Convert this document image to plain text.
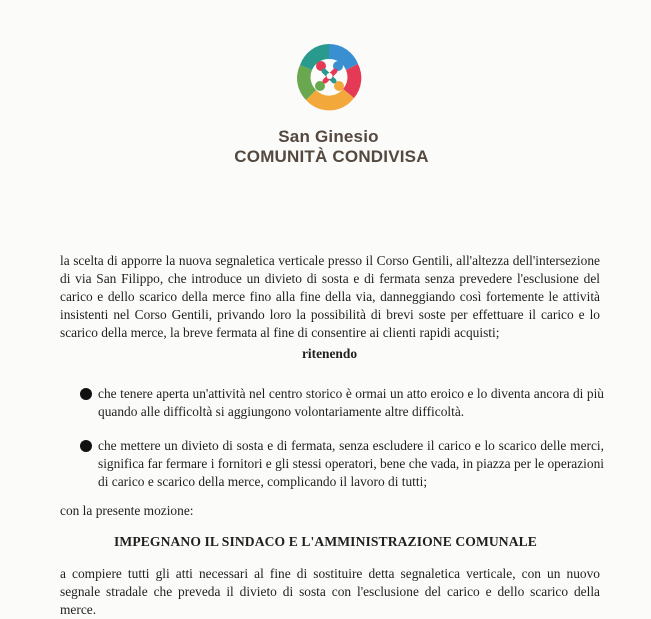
San Ginesio
COMUNITÀ CONDIVISA
la scelta di apporre la nuova segnaletica verticale presso il Corso Gentili, all'altezza dell'intersezione di via San Filippo, che introduce un divieto di sosta e di fermata senza prevedere l'esclusione del carico e dello scarico della merce fino alla fine della via, danneggiando così fortemente le attività insistenti nel Corso Gentili, privando loro la possibilità di brevi soste per effettuare il carico e lo scarico della merce, la breve fermata al fine di consentire ai clienti rapidi acquisti;
ritenendo
che tenere aperta un'attività nel centro storico è ormai un atto eroico e lo diventa ancora di più quando alle difficoltà si aggiungono volontariamente altre difficoltà.
che mettere un divieto di sosta e di fermata, senza escludere il carico e lo scarico delle merci, significa far fermare i fornitori e gli stessi operatori, bene che vada, in piazza per le operazioni di carico e scarico della merce, complicando il lavoro di tutti;
con la presente mozione:
IMPEGNANO IL SINDACO E L'AMMINISTRAZIONE COMUNALE
a compiere tutti gli atti necessari al fine di sostituire detta segnaletica verticale, con un nuovo segnale stradale che preveda il divieto di sosta con l'esclusione del carico e dello scarico della merce.
